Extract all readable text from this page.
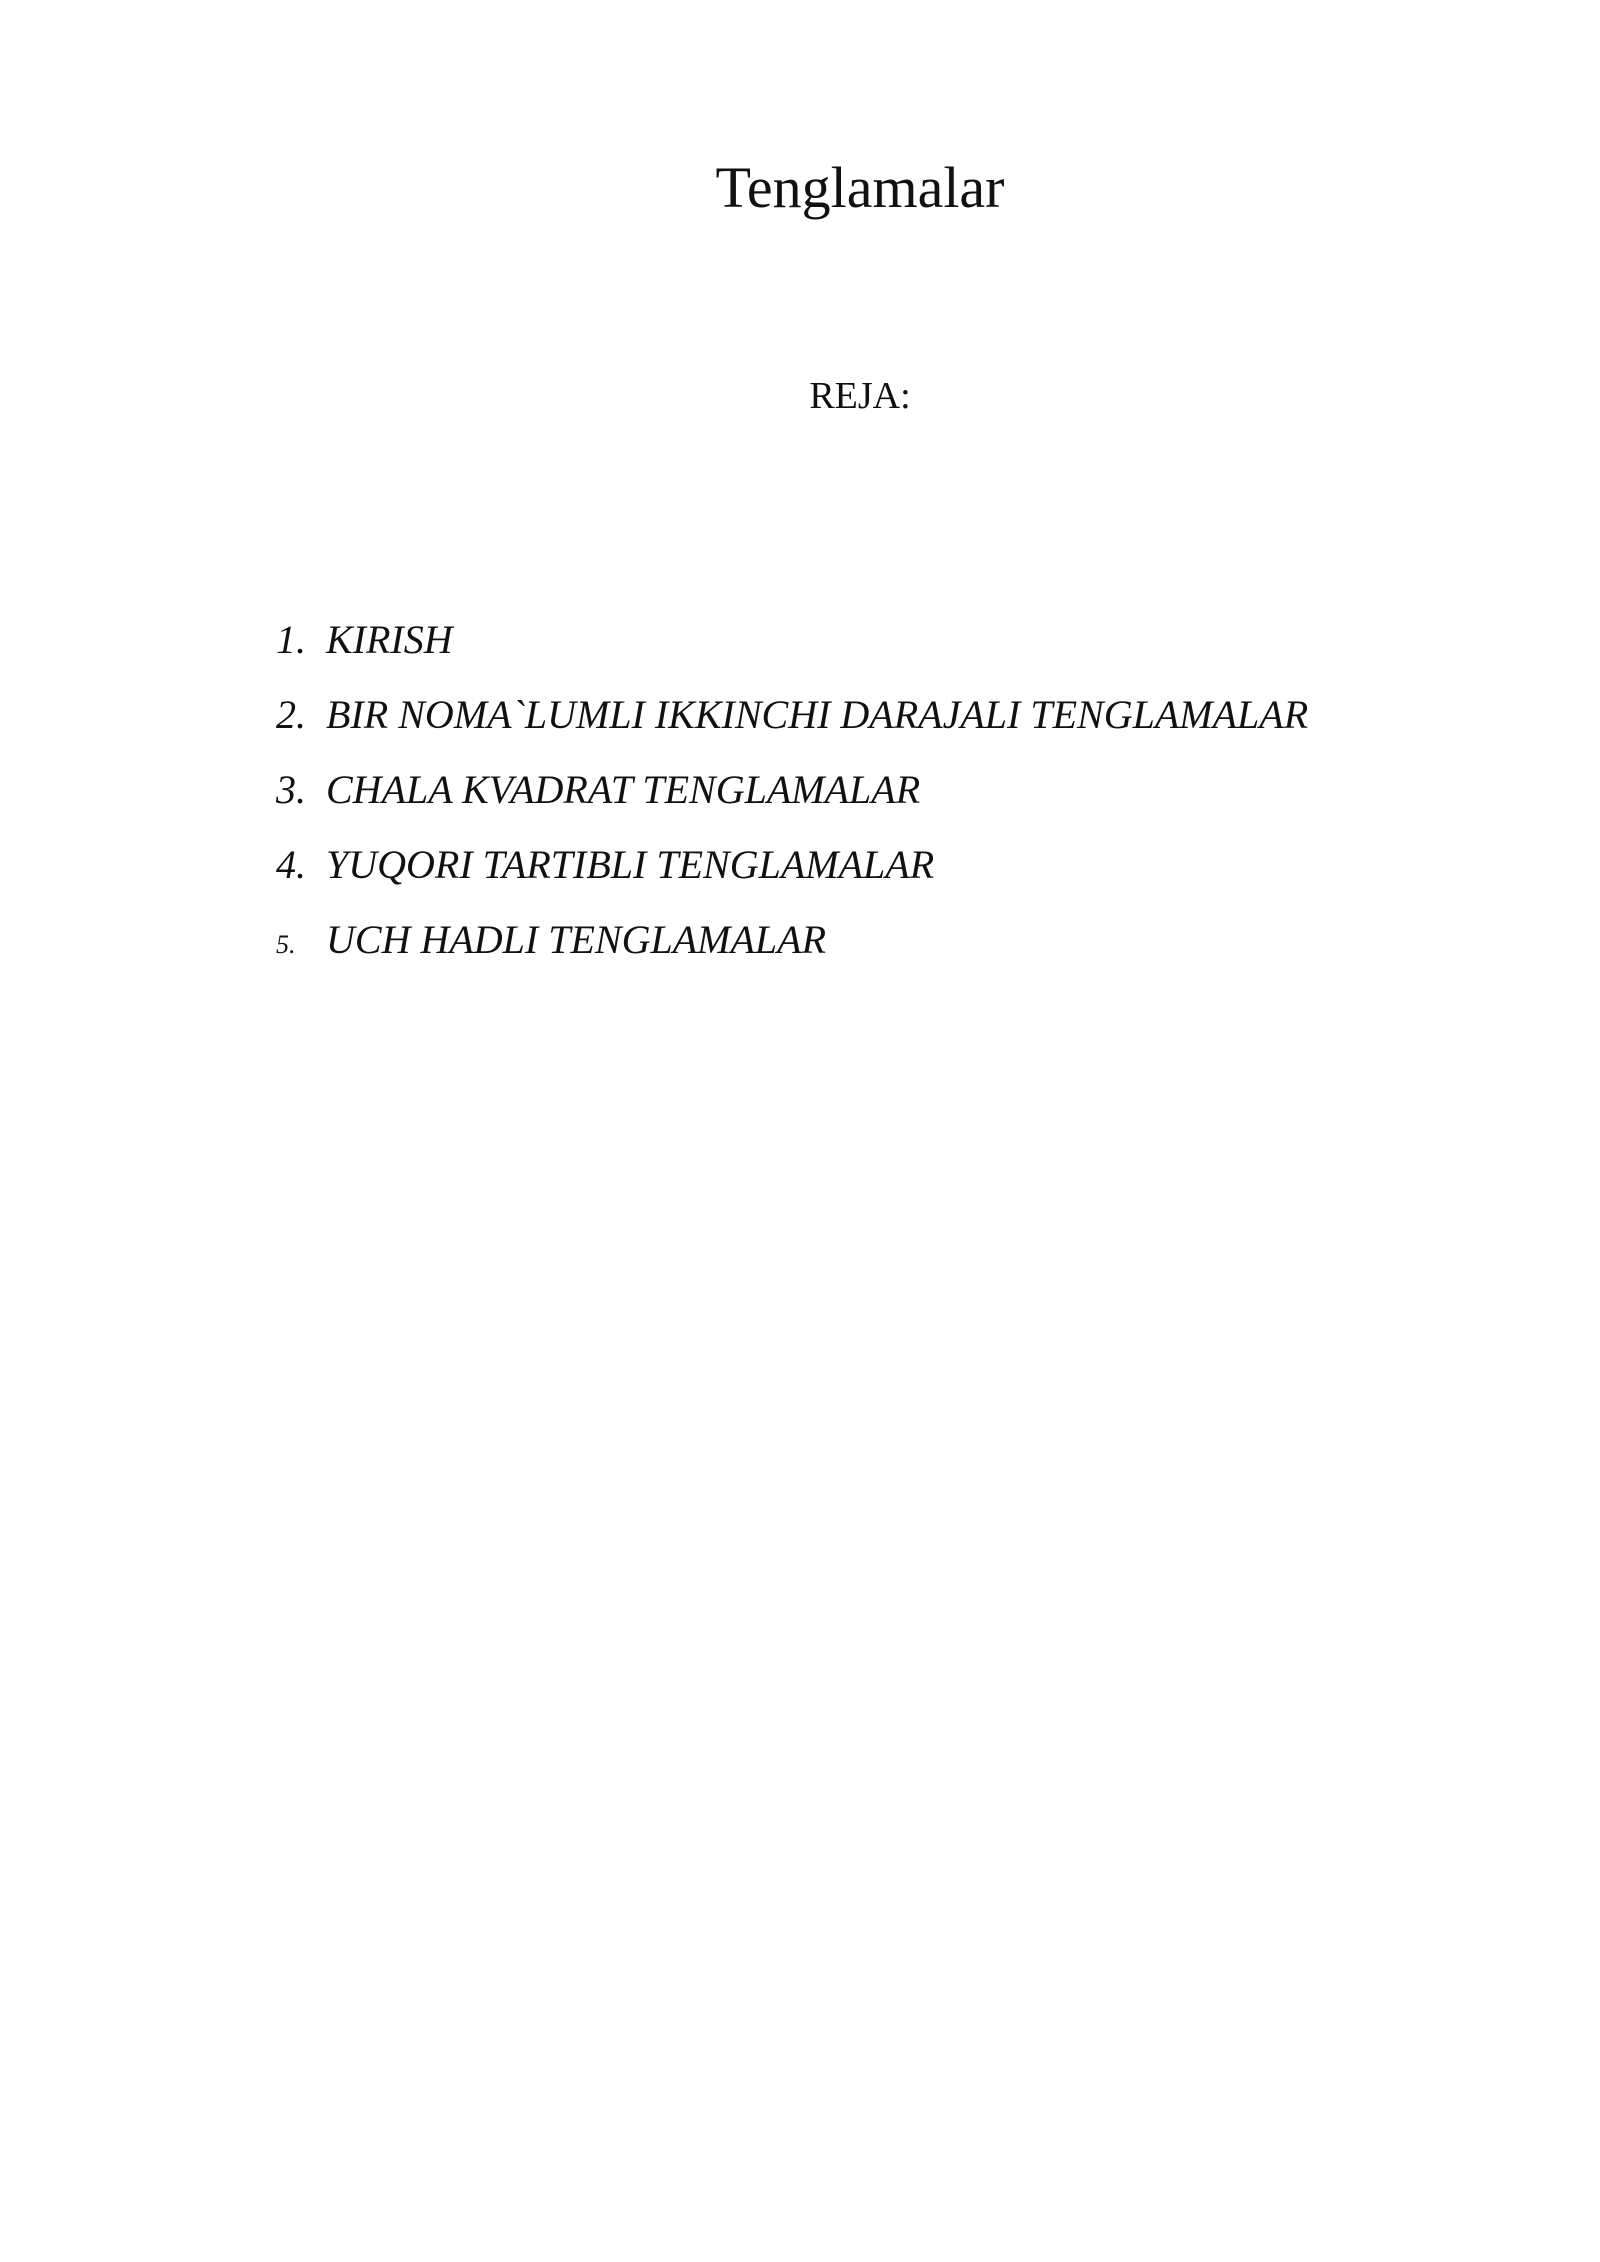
Tenglamalar
REJA:
1. KIRISH
2. BIR NOMA`LUMLI IKKINCHI DARAJALI TENGLAMALAR
3. CHALA KVADRAT TENGLAMALAR
4. YUQORI TARTIBLI TENGLAMALAR
5. UCH HADLI TENGLAMALAR
